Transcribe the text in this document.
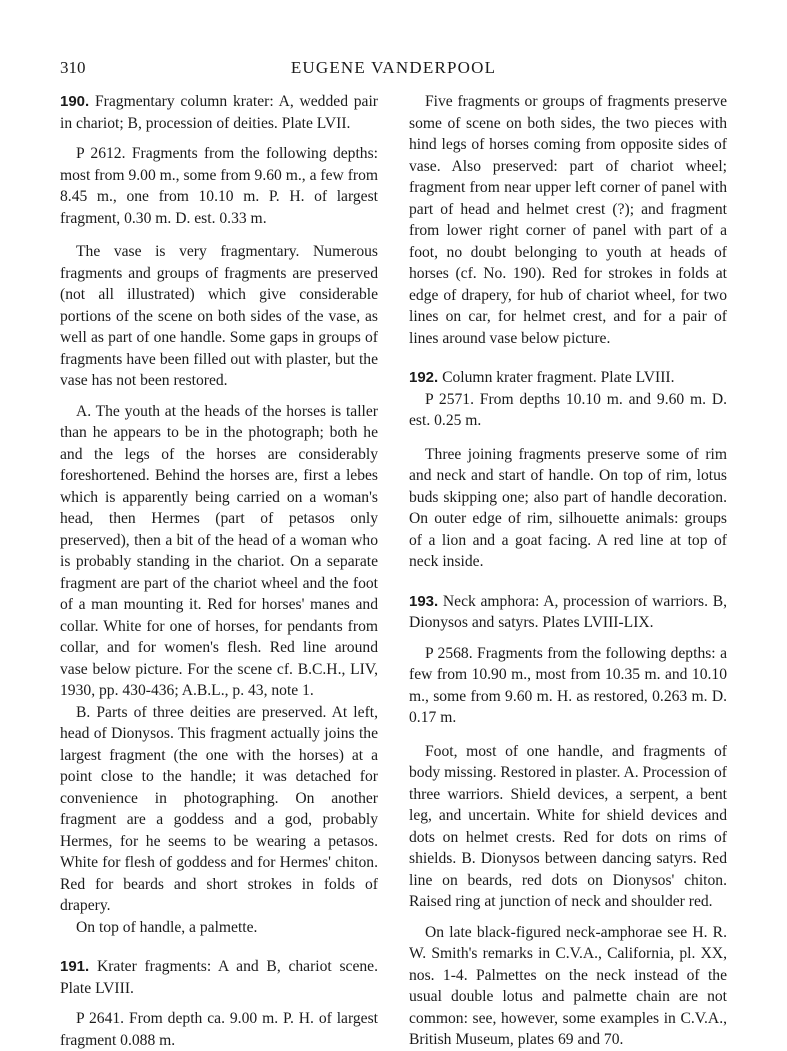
310	EUGENE VANDERPOOL

190. Fragmentary column krater: A, wedded pair in chariot; B, procession of deities. Plate LVII.

P 2612. Fragments from the following depths: most from 9.00 m., some from 9.60 m., a few from 8.45 m., one from 10.10 m. P. H. of largest fragment, 0.30 m. D. est. 0.33 m.

The vase is very fragmentary. Numerous fragments and groups of fragments are preserved (not all illustrated) which give considerable portions of the scene on both sides of the vase, as well as part of one handle. Some gaps in groups of fragments have been filled out with plaster, but the vase has not been restored.

A. The youth at the heads of the horses is taller than he appears to be in the photograph; both he and the legs of the horses are considerably foreshortened. Behind the horses are, first a lebes which is apparently being carried on a woman's head, then Hermes (part of petasos only preserved), then a bit of the head of a woman who is probably standing in the chariot. On a separate fragment are part of the chariot wheel and the foot of a man mounting it. Red for horses' manes and collar. White for one of horses, for pendants from collar, and for women's flesh. Red line around vase below picture. For the scene cf. B.C.H., LIV, 1930, pp. 430-436; A.B.L., p. 43, note 1.

B. Parts of three deities are preserved. At left, head of Dionysos. This fragment actually joins the largest fragment (the one with the horses) at a point close to the handle; it was detached for convenience in photographing. On another fragment are a goddess and a god, probably Hermes, for he seems to be wearing a petasos. White for flesh of goddess and for Hermes' chiton. Red for beards and short strokes in folds of drapery.

On top of handle, a palmette.

191. Krater fragments: A and B, chariot scene. Plate LVIII.

P 2641. From depth ca. 9.00 m. P. H. of largest fragment 0.088 m.

Five fragments or groups of fragments preserve some of scene on both sides, the two pieces with hind legs of horses coming from opposite sides of vase. Also preserved: part of chariot wheel; fragment from near upper left corner of panel with part of head and helmet crest (?); and fragment from lower right corner of panel with part of a foot, no doubt belonging to youth at heads of horses (cf. No. 190). Red for strokes in folds at edge of drapery, for hub of chariot wheel, for two lines on car, for helmet crest, and for a pair of lines around vase below picture.

192. Column krater fragment. Plate LVIII.

P 2571. From depths 10.10 m. and 9.60 m. D. est. 0.25 m.

Three joining fragments preserve some of rim and neck and start of handle. On top of rim, lotus buds skipping one; also part of handle decoration. On outer edge of rim, silhouette animals: groups of a lion and a goat facing. A red line at top of neck inside.

193. Neck amphora: A, procession of warriors. B, Dionysos and satyrs. Plates LVIII-LIX.

P 2568. Fragments from the following depths: a few from 10.90 m., most from 10.35 m. and 10.10 m., some from 9.60 m. H. as restored, 0.263 m. D. 0.17 m.

Foot, most of one handle, and fragments of body missing. Restored in plaster. A. Procession of three warriors. Shield devices, a serpent, a bent leg, and uncertain. White for shield devices and dots on helmet crests. Red for dots on rims of shields. B. Dionysos between dancing satyrs. Red line on beards, red dots on Dionysos' chiton. Raised ring at junction of neck and shoulder red.

On late black-figured neck-amphorae see H. R. W. Smith's remarks in C.V.A., California, pl. XX, nos. 1-4. Palmettes on the neck instead of the usual double lotus and palmette chain are not common: see, however, some examples in C.V.A., British Museum, plates 69 and 70.
